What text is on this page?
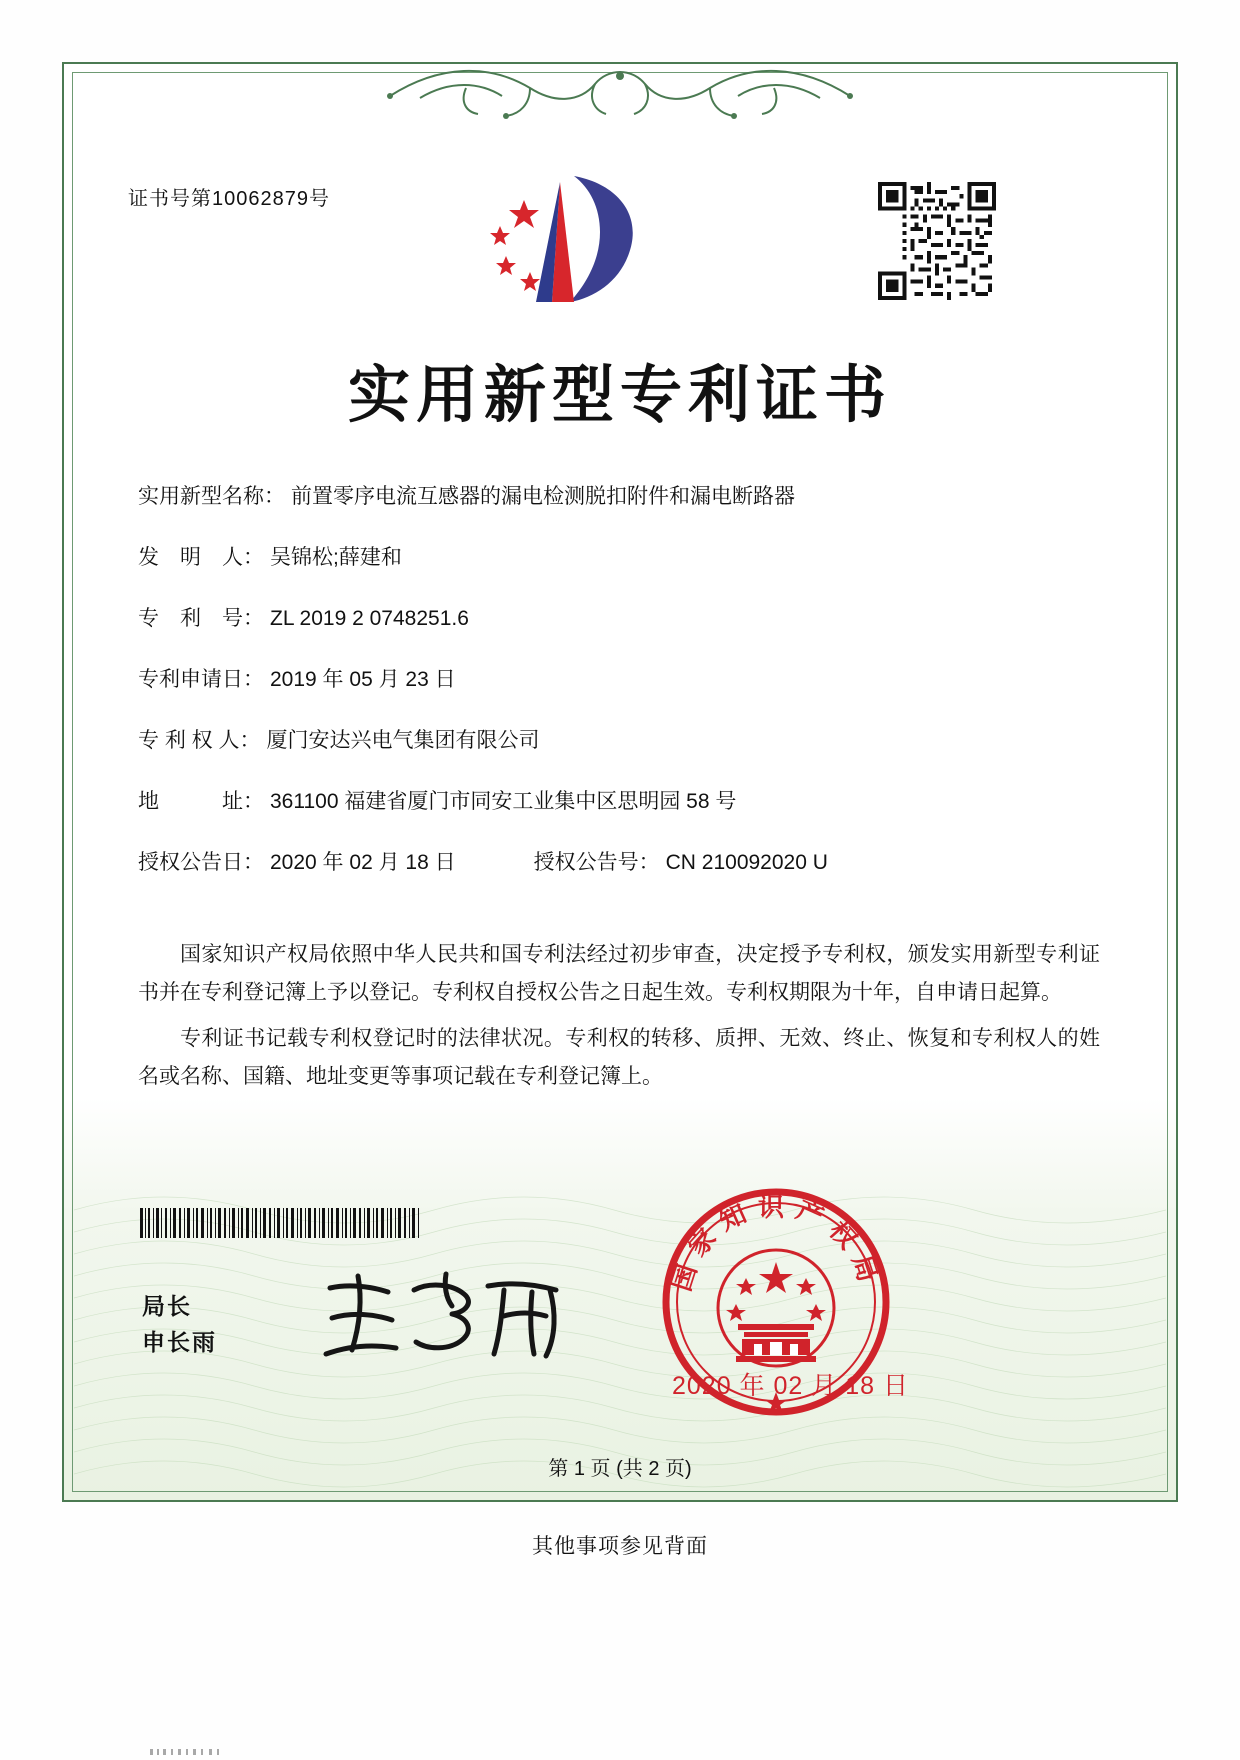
证书号第10062879号
实用新型专利证书
实用新型名称： 前置零序电流互感器的漏电检测脱扣附件和漏电断路器
发　明　人： 吴锦松;薛建和
专　利　号： ZL 2019 2 0748251.6
专利申请日： 2019 年 05 月 23 日
专 利 权 人： 厦门安达兴电气集团有限公司
地　　　址： 361100 福建省厦门市同安工业集中区思明园 58 号
授权公告日： 2020 年 02 月 18 日	授权公告号： CN 210092020 U

国家知识产权局依照中华人民共和国专利法经过初步审查，决定授予专利权，颁发实用新型专利证书并在专利登记簿上予以登记。专利权自授权公告之日起生效。专利权期限为十年，自申请日起算。

专利证书记载专利权登记时的法律状况。专利权的转移、质押、无效、终止、恢复和专利权人的姓名或名称、国籍、地址变更等事项记载在专利登记簿上。

局长
申长雨
国家知识产权局
2020 年 02 月 18 日
第 1 页 (共 2 页)
其他事项参见背面
